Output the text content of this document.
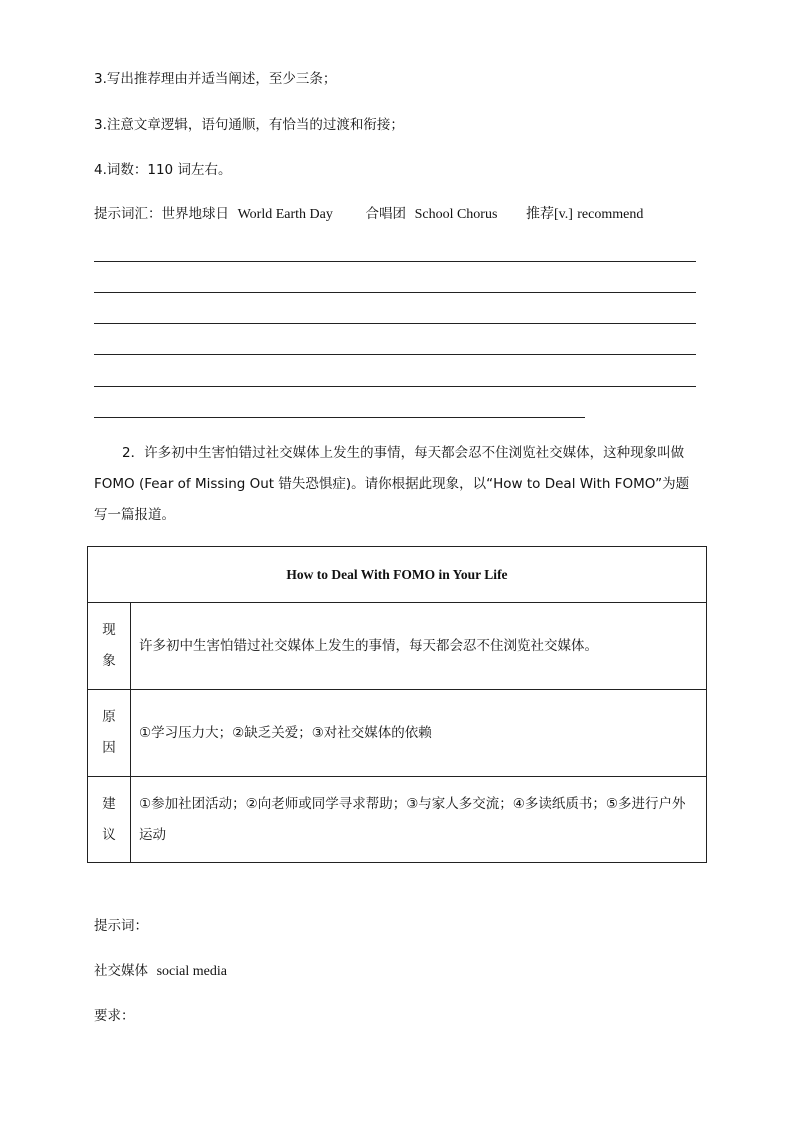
3.写出推荐理由并适当阐述，至少三条；
3.注意文章逻辑，语句通顺，有恰当的过渡和衔接；
4.词数：110 词左右。
提示词汇：世界地球日 World Earth Day 合唱团 School Chorus 推荐[v.] recommend
2．许多初中生害怕错过社交媒体上发生的事情，每天都会忍不住浏览社交媒体，这种现象叫做FOMO (Fear of Missing Out 错失恐惧症)。请你根据此现象，以“How to Deal With FOMO”为题写一篇报道。
How to Deal With FOMO in Your Life	

现
象	许多初中生害怕错过社交媒体上发生的事情，每天都会忍不住浏览社交媒体。

原
因	①学习压力大；②缺乏关爱；③对社交媒体的依赖

建
议	①参加社团活动；②向老师或同学寻求帮助；③与家人多交流；④多读纸质书；⑤多进行户外运动
提示词：
社交媒体 social media
要求：
